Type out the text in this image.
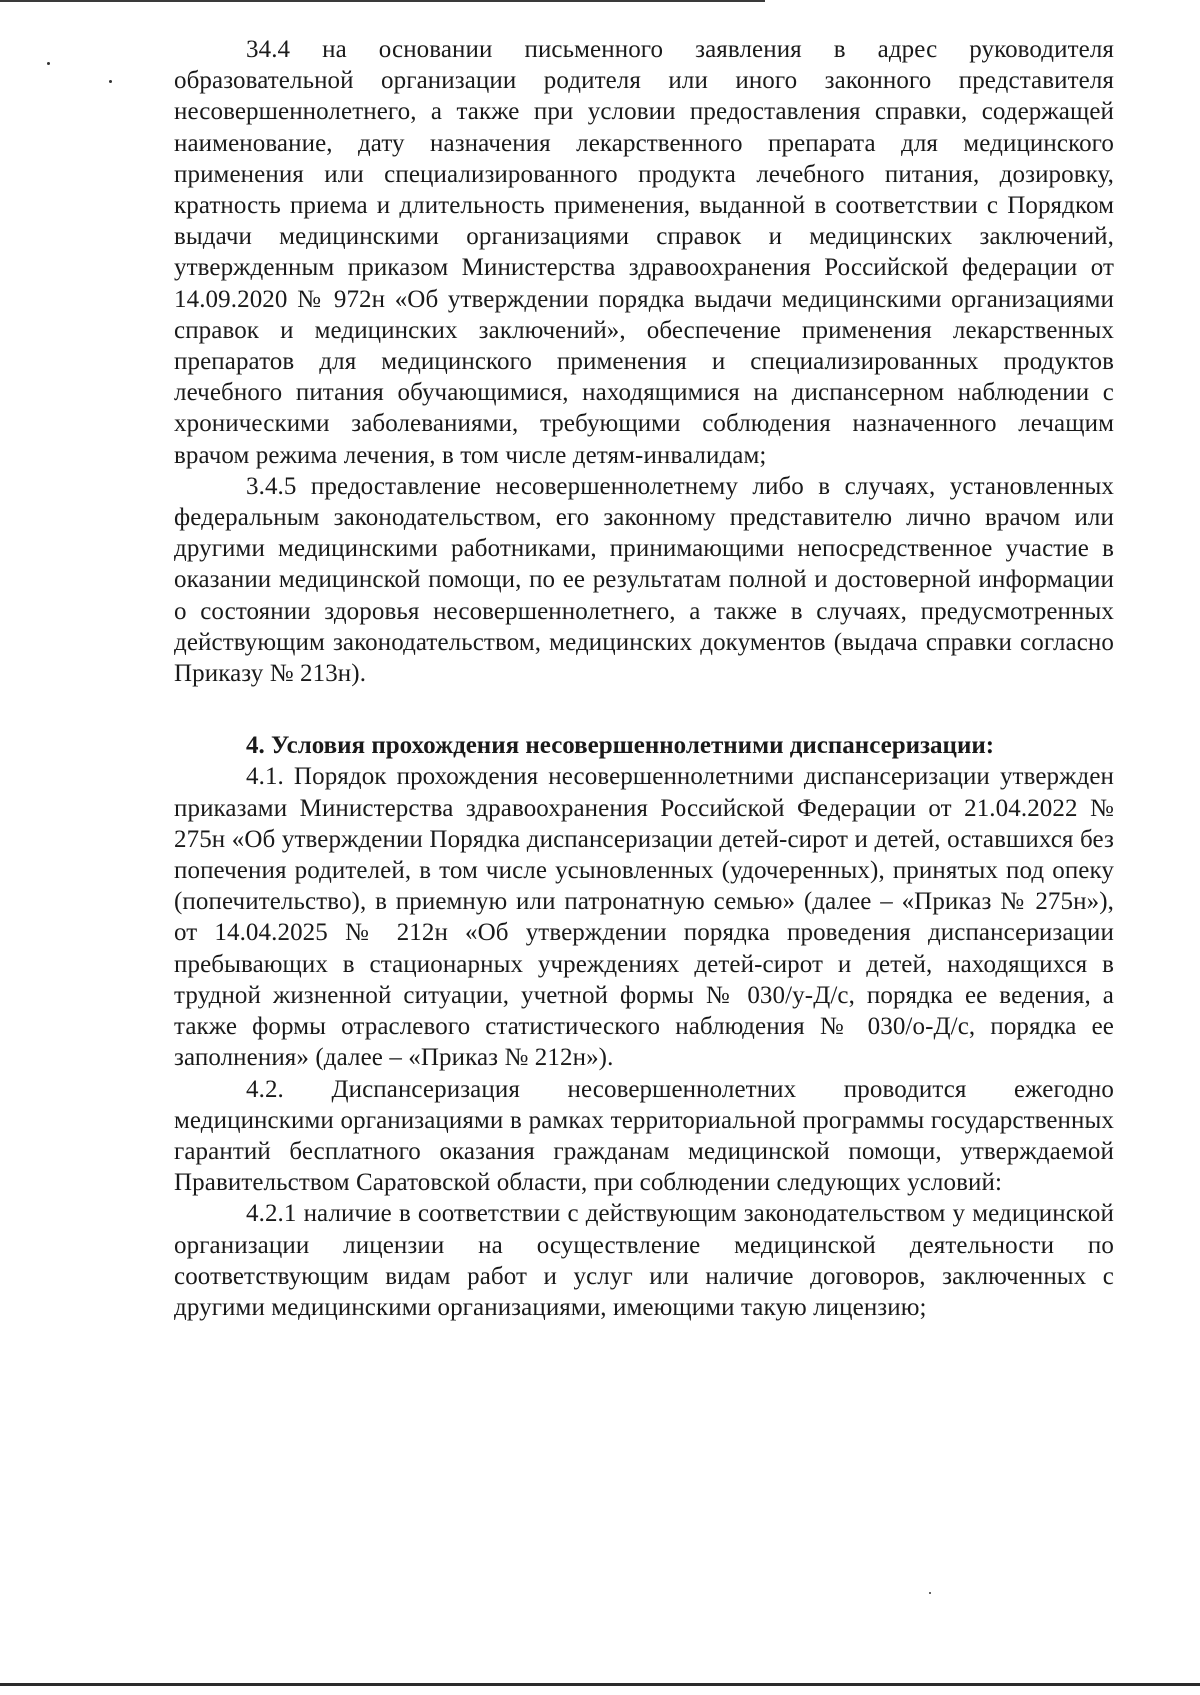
34.4 на основании письменного заявления в адрес руководителя образовательной организации родителя или иного законного представителя несовершеннолетнего, а также при условии предоставления справки, содержащей наименование, дату назначения лекарственного препарата для медицинского применения или специализированного продукта лечебного питания, дозировку, кратность приема и длительность применения, выданной в соответствии с Порядком выдачи медицинскими организациями справок и медицинских заключений, утвержденным приказом Министерства здравоохранения Российской федерации от 14.09.2020 № 972н «Об утверждении порядка выдачи медицинскими организациями справок и медицинских заключений», обеспечение применения лекарственных препаратов для медицинского применения и специализированных продуктов лечебного питания обучающимися, находящимися на диспансерном наблюдении с хроническими заболеваниями, требующими соблюдения назначенного лечащим врачом режима лечения, в том числе детям-инвалидам;

3.4.5 предоставление несовершеннолетнему либо в случаях, установленных федеральным законодательством, его законному представителю лично врачом или другими медицинскими работниками, принимающими непосредственное участие в оказании медицинской помощи, по ее результатам полной и достоверной информации о состоянии здоровья несовершеннолетнего, а также в случаях, предусмотренных действующим законодательством, медицинских документов (выдача справки согласно Приказу № 213н).

4. Условия прохождения несовершеннолетними диспансеризации:

4.1. Порядок прохождения несовершеннолетними диспансеризации утвержден приказами Министерства здравоохранения Российской Федерации от 21.04.2022 № 275н «Об утверждении Порядка диспансеризации детей-сирот и детей, оставшихся без попечения родителей, в том числе усыновленных (удочеренных), принятых под опеку (попечительство), в приемную или патронатную семью» (далее – «Приказ № 275н»), от 14.04.2025 № 212н «Об утверждении порядка проведения диспансеризации пребывающих в стационарных учреждениях детей-сирот и детей, находящихся в трудной жизненной ситуации, учетной формы № 030/у-Д/с, порядка ее ведения, а также формы отраслевого статистического наблюдения № 030/о-Д/с, порядка ее заполнения» (далее – «Приказ № 212н»).

4.2. Диспансеризация несовершеннолетних проводится ежегодно медицинскими организациями в рамках территориальной программы государственных гарантий бесплатного оказания гражданам медицинской помощи, утверждаемой Правительством Саратовской области, при соблюдении следующих условий:

4.2.1 наличие в соответствии с действующим законодательством у медицинской организации лицензии на осуществление медицинской деятельности по соответствующим видам работ и услуг или наличие договоров, заключенных с другими медицинскими организациями, имеющими такую лицензию;
